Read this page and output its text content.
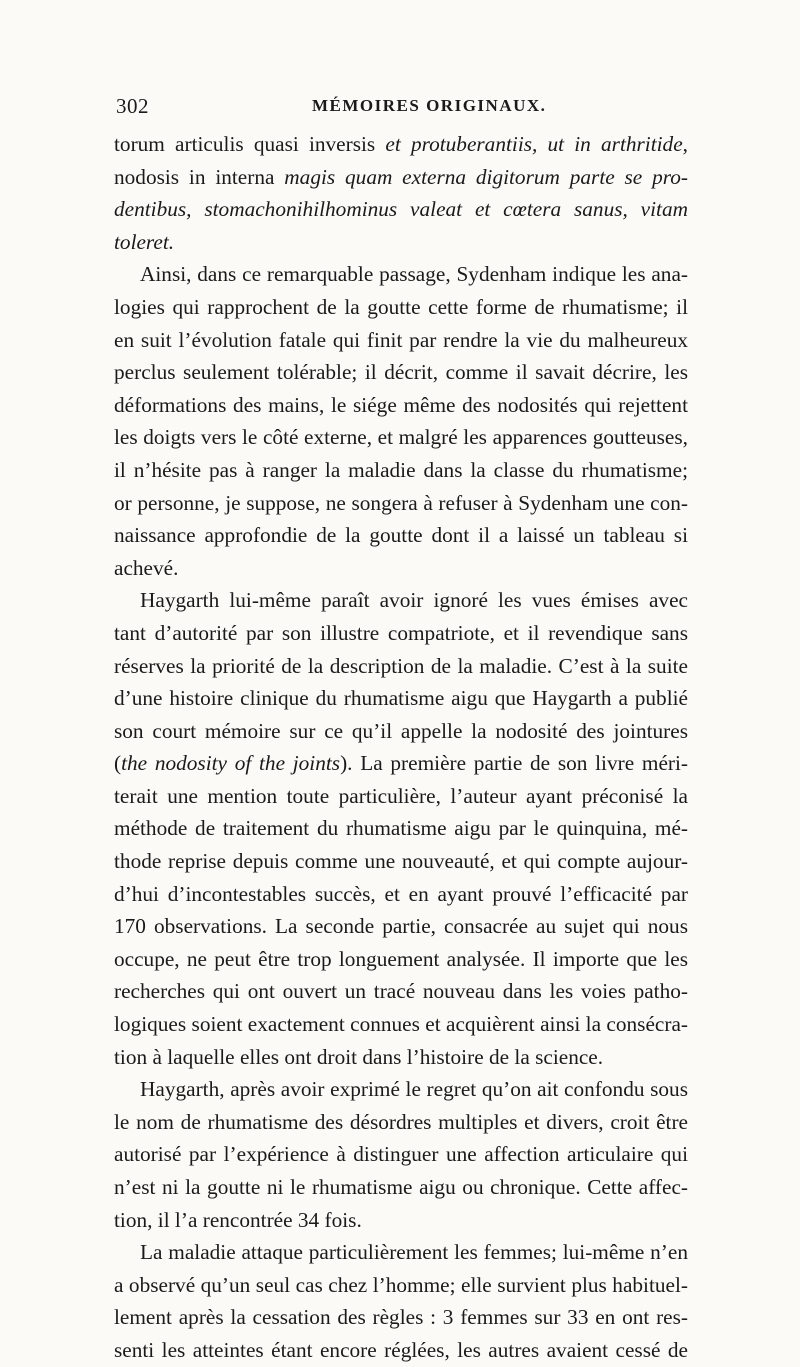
302	MÉMOIRES ORIGINAUX.
torum articulis quasi inversis et protuberantiis, ut in arthritide,
nodosis in interna magis quam externa digitorum parte se pro-
dentibus, stomachonihilhominus valeat et cœtera sanus, vitam
toleret.
Ainsi, dans ce remarquable passage, Sydenham indique les ana-
logies qui rapprochent de la goutte cette forme de rhumatisme; il
en suit l’évolution fatale qui finit par rendre la vie du malheureux
perclus seulement tolérable; il décrit, comme il savait décrire, les
déformations des mains, le siége même des nodosités qui rejettent
les doigts vers le côté externe, et malgré les apparences goutteuses,
il n’hésite pas à ranger la maladie dans la classe du rhumatisme;
or personne, je suppose, ne songera à refuser à Sydenham une con-
naissance approfondie de la goutte dont il a laissé un tableau si
achevé.
Haygarth lui-même paraît avoir ignoré les vues émises avec
tant d’autorité par son illustre compatriote, et il revendique sans
réserves la priorité de la description de la maladie. C’est à la suite
d’une histoire clinique du rhumatisme aigu que Haygarth a publié
son court mémoire sur ce qu’il appelle la nodosité des jointures
(the nodosity of the joints). La première partie de son livre méri-
terait une mention toute particulière, l’auteur ayant préconisé la
méthode de traitement du rhumatisme aigu par le quinquina, mé-
thode reprise depuis comme une nouveauté, et qui compte aujour-
d’hui d’incontestables succès, et en ayant prouvé l’efficacité par
170 observations. La seconde partie, consacrée au sujet qui nous
occupe, ne peut être trop longuement analysée. Il importe que les
recherches qui ont ouvert un tracé nouveau dans les voies patho-
logiques soient exactement connues et acquièrent ainsi la consécra-
tion à laquelle elles ont droit dans l’histoire de la science.
Haygarth, après avoir exprimé le regret qu’on ait confondu sous
le nom de rhumatisme des désordres multiples et divers, croit être
autorisé par l’expérience à distinguer une affection articulaire qui
n’est ni la goutte ni le rhumatisme aigu ou chronique. Cette affec-
tion, il l’a rencontrée 34 fois.
La maladie attaque particulièrement les femmes; lui-même n’en
a observé qu’un seul cas chez l’homme; elle survient plus habituel-
lement après la cessation des règles : 3 femmes sur 33 en ont res-
senti les atteintes étant encore réglées, les autres avaient cessé de
